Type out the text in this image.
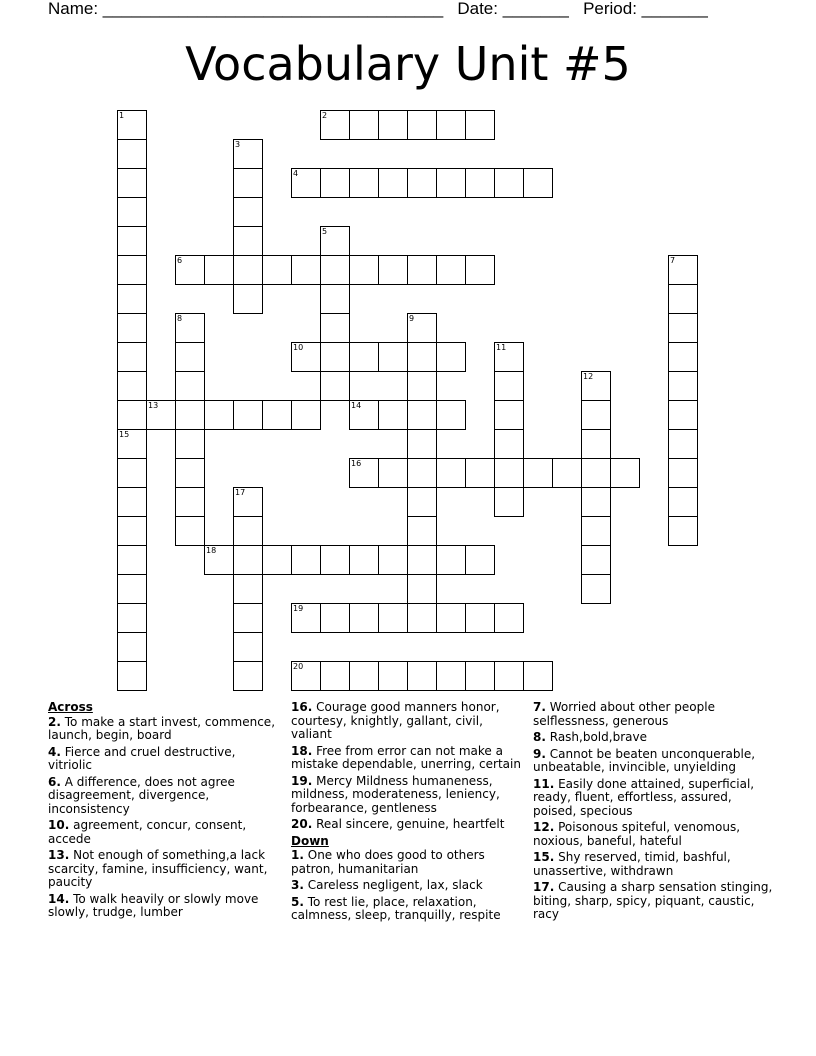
Name: ____________________________________ Date: _______ Period: _______
Vocabulary Unit #5
1
15
2
3
4
5
6	7
8	9
10	11
12
13	14
16
17
18
19
20
Across
2. To make a start invest, commence, launch, begin, board
4. Fierce and cruel destructive, vitriolic
6. A difference, does not agree disagreement, divergence, inconsistency
10. agreement, concur, consent, accede
13. Not enough of something,a lack scarcity, famine, insufficiency, want, paucity
14. To walk heavily or slowly move slowly, trudge, lumber
16. Courage good manners honor, courtesy, knightly, gallant, civil, valiant
18. Free from error can not make a mistake dependable, unerring, certain
19. Mercy Mildness humaneness, mildness, moderateness, leniency, forbearance, gentleness
20. Real sincere, genuine, heartfelt
Down
1. One who does good to others patron, humanitarian
3. Careless negligent, lax, slack
5. To rest lie, place, relaxation, calmness, sleep, tranquilly, respite
7. Worried about other people selflessness, generous
8. Rash,bold,brave
9. Cannot be beaten unconquerable, unbeatable, invincible, unyielding
11. Easily done attained, superficial, ready, fluent, effortless, assured, poised, specious
12. Poisonous spiteful, venomous, noxious, baneful, hateful
15. Shy reserved, timid, bashful, unassertive, withdrawn
17. Causing a sharp sensation stinging, biting, sharp, spicy, piquant, caustic, racy
